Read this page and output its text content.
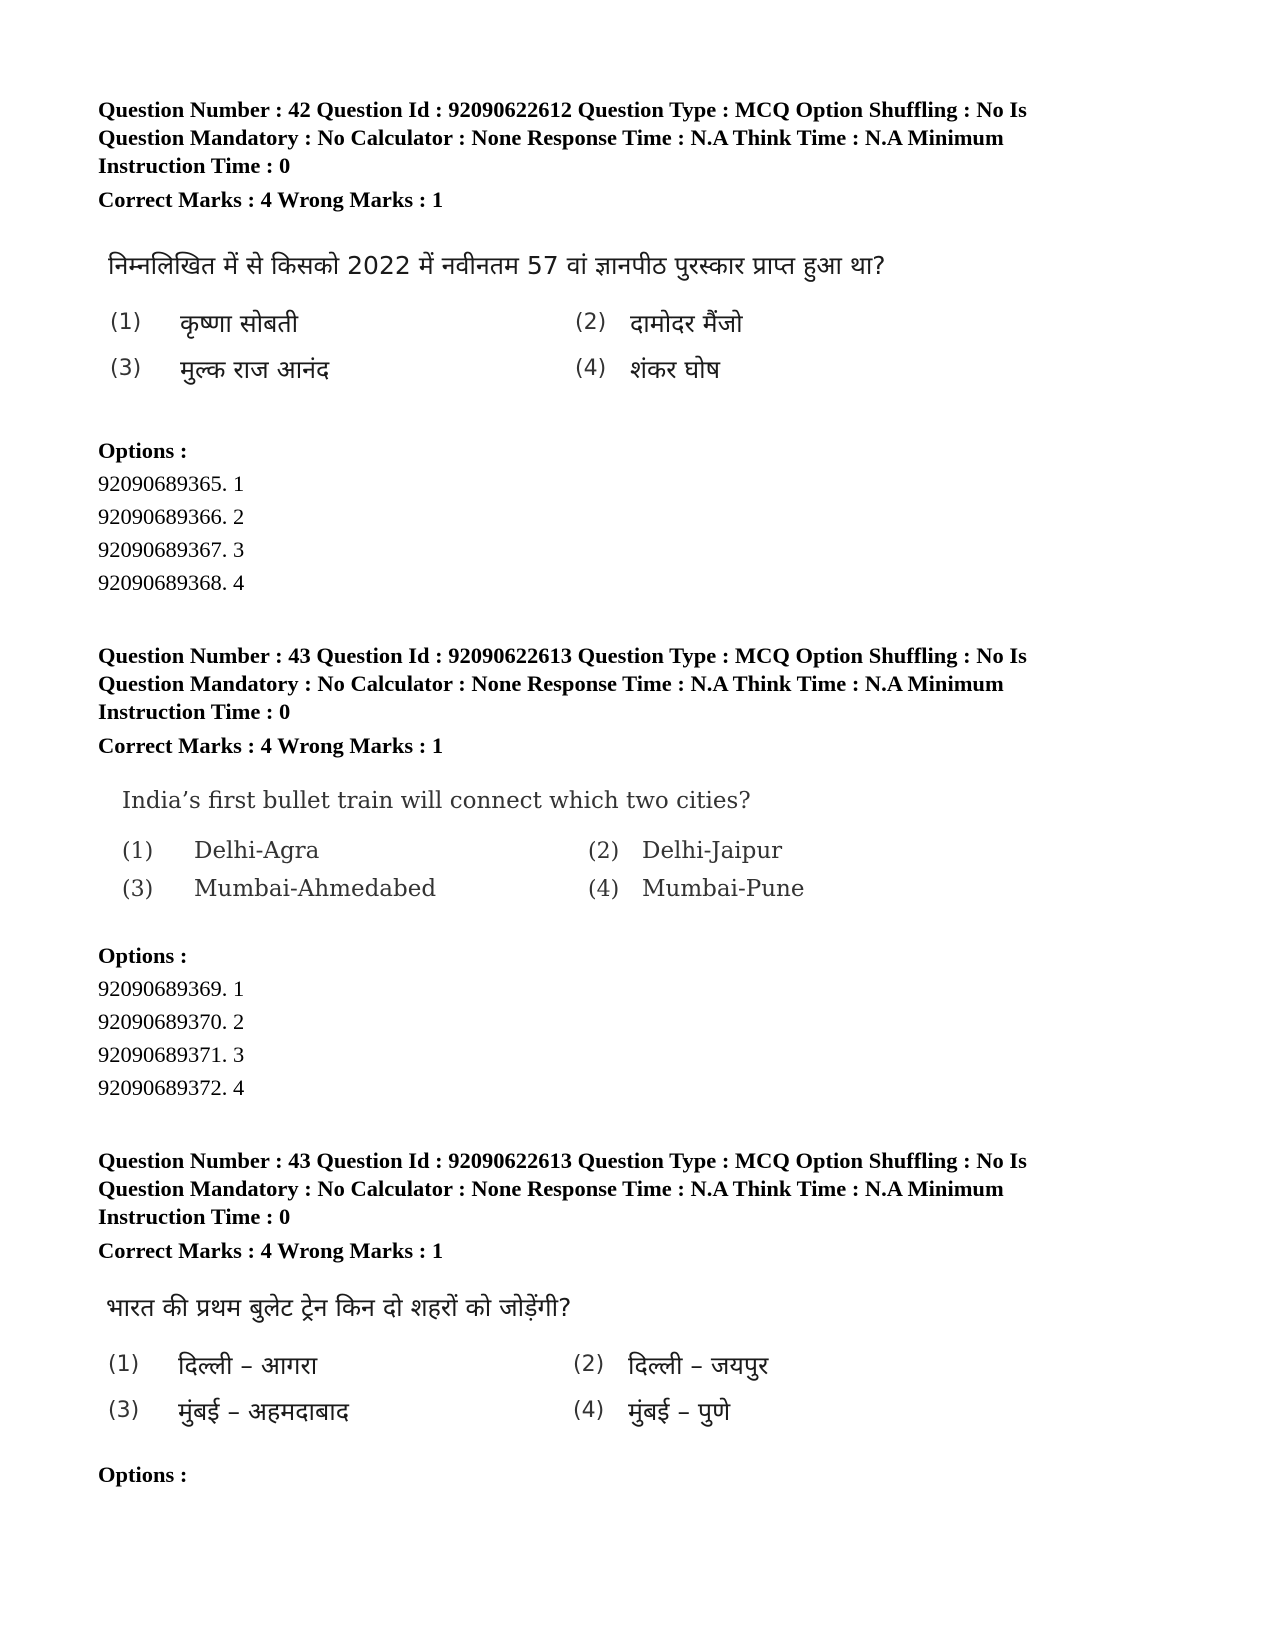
Question Number : 42 Question Id : 92090622612 Question Type : MCQ Option Shuffling : No Is

Question Mandatory : No Calculator : None Response Time : N.A Think Time : N.A Minimum

Instruction Time : 0

Correct Marks : 4 Wrong Marks : 1
निम्नलिखित में से किसको 2022 में नवीनतम 57 वां ज्ञानपीठ पुरस्कार प्राप्त हुआ था?
(1) कृष्णा सोबती	(2) दामोदर मैंजो
(3) मुल्क राज आनंद	(4) शंकर घोष
Options :
92090689365. 1
92090689366. 2
92090689367. 3
92090689368. 4

Question Number : 43 Question Id : 92090622613 Question Type : MCQ Option Shuffling : No Is

Question Mandatory : No Calculator : None Response Time : N.A Think Time : N.A Minimum

Instruction Time : 0

Correct Marks : 4 Wrong Marks : 1
India’s first bullet train will connect which two cities?
(1) Delhi-Agra	(2) Delhi-Jaipur
(3) Mumbai-Ahmedabed	(4) Mumbai-Pune
Options :
92090689369. 1
92090689370. 2
92090689371. 3
92090689372. 4

Question Number : 43 Question Id : 92090622613 Question Type : MCQ Option Shuffling : No Is

Question Mandatory : No Calculator : None Response Time : N.A Think Time : N.A Minimum

Instruction Time : 0

Correct Marks : 4 Wrong Marks : 1
भारत की प्रथम बुलेट ट्रेन किन दो शहरों को जोड़ेंगी?
(1) दिल्ली – आगरा	(2) दिल्ली – जयपुर
(3) मुंबई – अहमदाबाद	(4) मुंबई – पुणे
Options :
